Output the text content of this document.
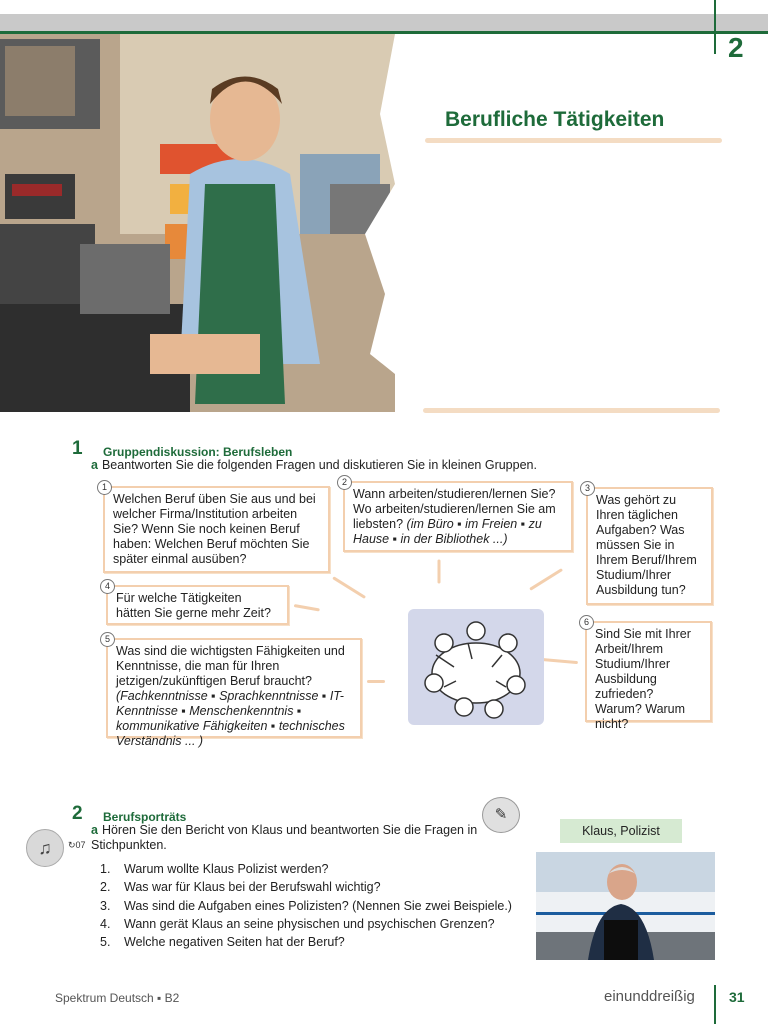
2
Berufliche Tätigkeiten
1 Gruppendiskussion: Berufsleben
a Beantworten Sie die folgenden Fragen und diskutieren Sie in kleinen Gruppen.
Welchen Beruf üben Sie aus und bei welcher Firma/Institution arbeiten Sie? Wenn Sie noch keinen Beruf haben: Welchen Beruf möchten Sie später einmal ausüben?
1	Wann arbeiten/studieren/lernen Sie? Wo arbeiten/studieren/lernen Sie am liebsten? (im Büro ▪ im Freien ▪ zu Hause ▪ in der Bibliothek ...)
2
Was gehört zu Ihren täglichen Aufgaben? Was müssen Sie in Ihrem Beruf/Ihrem Studium/Ihrer Ausbildung tun?
3
Für welche Tätigkeiten hätten Sie gerne mehr Zeit?
4
Was sind die wichtigsten Fähigkeiten und Kenntnisse, die man für Ihren jetzigen/zukünftigen Beruf braucht? (Fachkenntnisse ▪ Sprachkenntnisse ▪ IT-Kenntnisse ▪ Menschenkenntnis ▪ kommunikative Fähigkeiten ▪ technisches Verständnis ... )
5	Sind Sie mit Ihrer Arbeit/Ihrem Studium/Ihrer Ausbildung zufrieden? Warum? Warum nicht?
6
2 Berufsporträts
a Hören Sie den Bericht von Klaus und beantworten Sie die Fragen in Stichpunkten.
♫	↻07
✎
Klaus, Polizist
1. Warum wollte Klaus Polizist werden?
2. Was war für Klaus bei der Berufswahl wichtig?
3. Was sind die Aufgaben eines Polizisten? (Nennen Sie zwei Beispiele.)
4. Wann gerät Klaus an seine physischen und psychischen Grenzen?
5. Welche negativen Seiten hat der Beruf?
Spektrum Deutsch ▪ B2	einunddreißig 31
